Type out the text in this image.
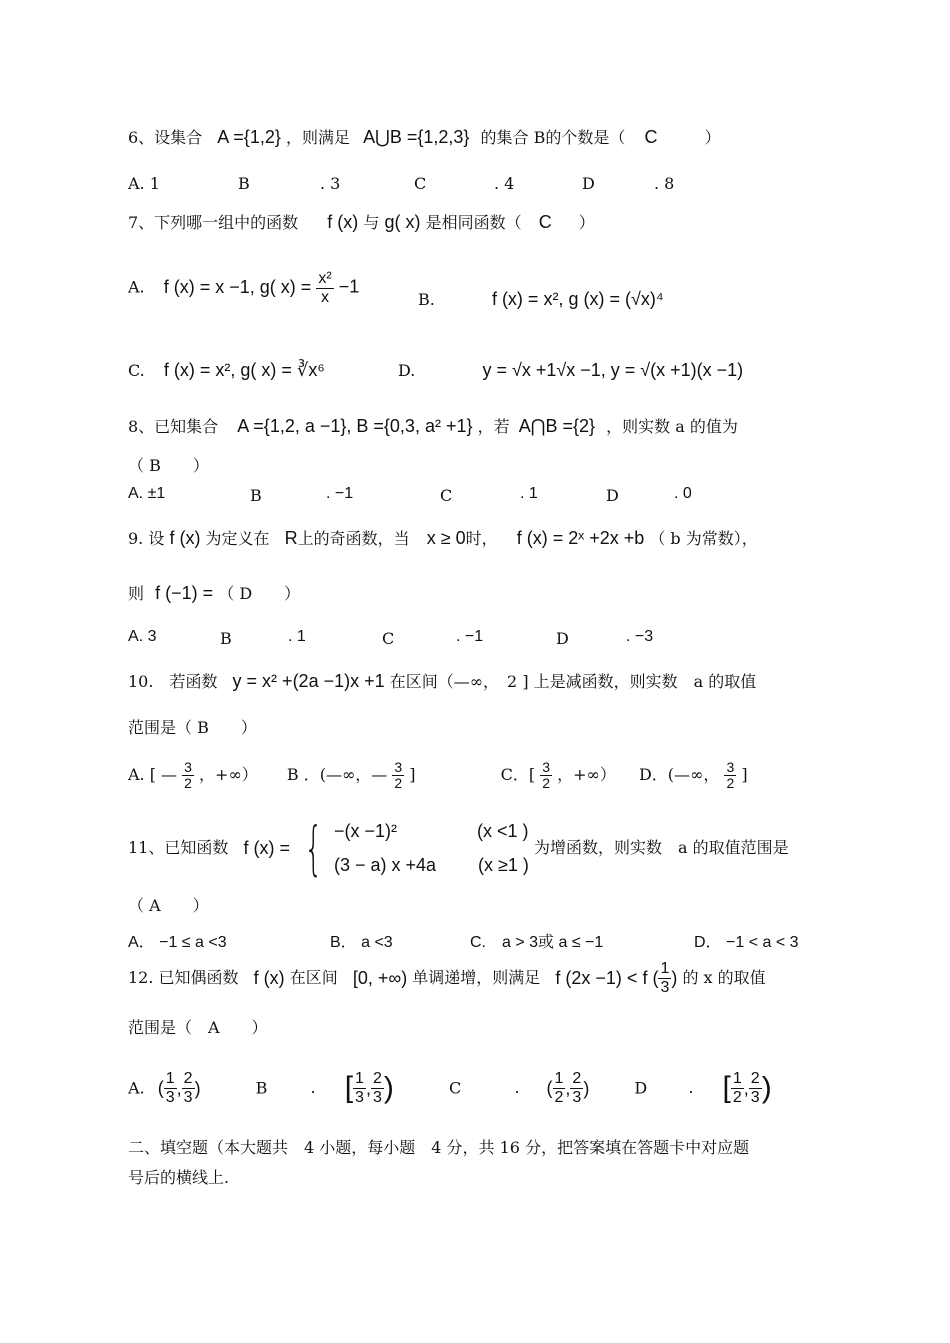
6、设集合 A ={1,2} ，则满足 A⋃B ={1,2,3} 的集合 B的个数是（ C	）
A. 1	B	. 3	C	. 4	D	. 8
7、下列哪一组中的函数 f (x) 与 g( x) 是相同函数（ C ）
A. f (x) = x −1, g( $x) = \frac{\text{x²}}{x} -1$
B.	f (x) = x², g (x) = (√x)⁴
C. f (x) = x², g( x) = ∛x⁶	D.	y = √x +1√x −1, y = √(x +1)(x −1)
8、已知集合 A ={1,2, a −1}, B ={0,3, a² +1} ，若 A⋂B ={2} ，则实数 a 的值为
（ B　　）
A. ±1	B	. −1	C	. 1	D	. 0
9. 设 f (x) 为定义在 R上的奇函数，当 x ≥ 0时， f (x) = 2ˣ +2x +b （ b 为常数），
则 f (−1) = （ D　　）
A. 3	B	. 1	C	. −1	D	. −3
10.　若函数 y = x² +(2a −1)x +1 在区间（—∞，　2 ] 上是减函数，则实数　a 的取值
范围是（ B　　）
A. [ — $\frac{3}{2}$ ，+∞） B ．(—∞，— $\frac{3}{2}$ ]	C．[ $\frac{3}{2}$ ，+∞） D．(—∞， $\frac{3}{2}$ ]
11、已知函数 f (x) = { −(x −1)²	(x <1 )
(3 − a) x +4a (x ≥1 )
为增函数，则实数　a 的取值范围是
（ A　　）
A． −1 ≤ a <3	B． a <3	C.　a > 3或 a ≤ −1	D． −1 < a < 3
12. 已知偶函数 f (x) 在区间 [0, +∞) 单调递增，则满足 f (2x −1) < f ( $\frac{1}{3}$ ) 的 x 的取值
范围是（　A　　）
A. ( $\frac{1}{3}$ , $\frac{2}{3}$ )	B	. [ $\frac{1}{3}$ , $\frac{2}{3}$ )	C	. ( $\frac{1}{2}$ , $\frac{2}{3}$ )	D	. [ $\frac{1}{2}$ , $\frac{2}{3}$ )
二、填空题（本大题共　4 小题，每小题　4 分，共 16 分，把答案填在答题卡中对应题
号后的横线上.
